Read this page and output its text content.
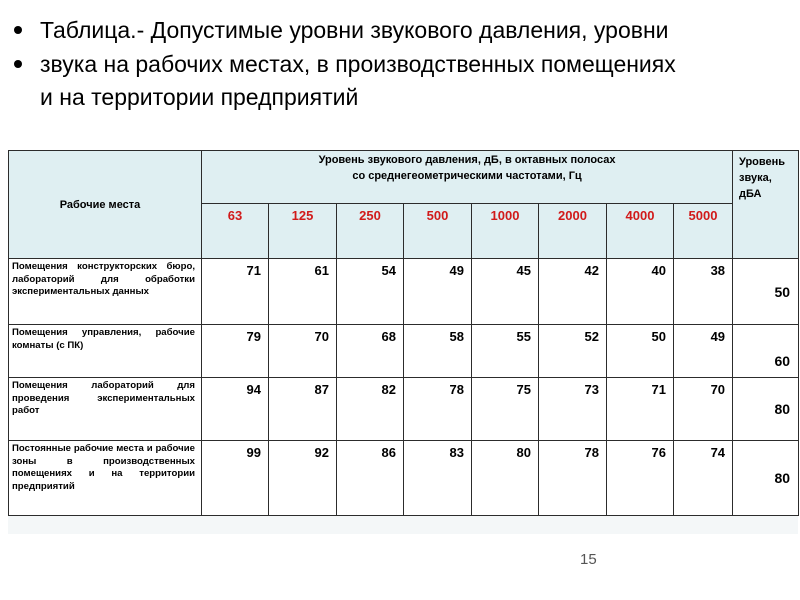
Таблица.- Допустимые уровни звукового давления, уровни
звука на рабочих местах, в производственных помещениях
и на территории предприятий
Рабочие места	Уровень звукового давления, дБ, в октавных полосах
со среднегеометрическими частотами, Гц								Уровень
звука,
дБА
	63	125	250	500	1000	2000	4000	5000	
Помещения конструкторских бюро, лабораторий для обработки экспериментальных данных	71	61	54	49	45	42	40	38	50
Помещения управления, рабочие комнаты (с ПК)	79	70	68	58	55	52	50	49	60
Помещения лабораторий для проведения экспериментальных работ	94	87	82	78	75	73	71	70	80
Постоянные рабочие места и рабочие зоны в производственных помещениях и на территории предприятий	99	92	86	83	80	78	76	74	80
15
